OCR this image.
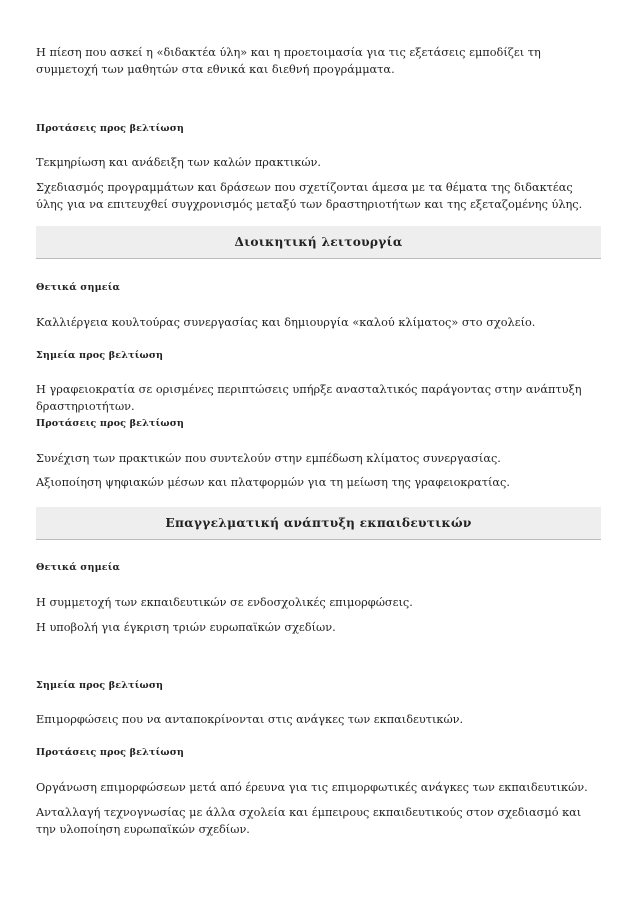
Η πίεση που ασκεί η «διδακτέα ύλη» και η προετοιμασία για τις εξετάσεις εμποδίζει τη συμμετοχή των μαθητών στα εθνικά και διεθνή προγράμματα.
Προτάσεις προς βελτίωση
Τεκμηρίωση και ανάδειξη των καλών πρακτικών.
Σχεδιασμός προγραμμάτων και δράσεων που σχετίζονται άμεσα με τα θέματα της διδακτέας ύλης για να επιτευχθεί συγχρονισμός μεταξύ των δραστηριοτήτων και της εξεταζομένης ύλης.
Διοικητική λειτουργία
Θετικά σημεία
Καλλιέργεια κουλτούρας συνεργασίας και δημιουργία «καλού κλίματος» στο σχολείο.
Σημεία προς βελτίωση
Η γραφειοκρατία σε ορισμένες περιπτώσεις υπήρξε ανασταλτικός παράγοντας στην ανάπτυξη δραστηριοτήτων.
Προτάσεις προς βελτίωση
Συνέχιση των πρακτικών που συντελούν στην εμπέδωση κλίματος συνεργασίας.
Αξιοποίηση ψηφιακών μέσων και πλατφορμών για τη μείωση της γραφειοκρατίας.
Επαγγελματική ανάπτυξη εκπαιδευτικών
Θετικά σημεία
Η συμμετοχή των εκπαιδευτικών σε ενδοσχολικές επιμορφώσεις.
Η υποβολή για έγκριση τριών ευρωπαϊκών σχεδίων.
Σημεία προς βελτίωση
Επιμορφώσεις που να ανταποκρίνονται στις ανάγκες των εκπαιδευτικών.
Προτάσεις προς βελτίωση
Οργάνωση επιμορφώσεων μετά από έρευνα για τις επιμορφωτικές ανάγκες των εκπαιδευτικών.
Ανταλλαγή τεχνογνωσίας με άλλα σχολεία και έμπειρους εκπαιδευτικούς στον σχεδιασμό και την υλοποίηση ευρωπαϊκών σχεδίων.
